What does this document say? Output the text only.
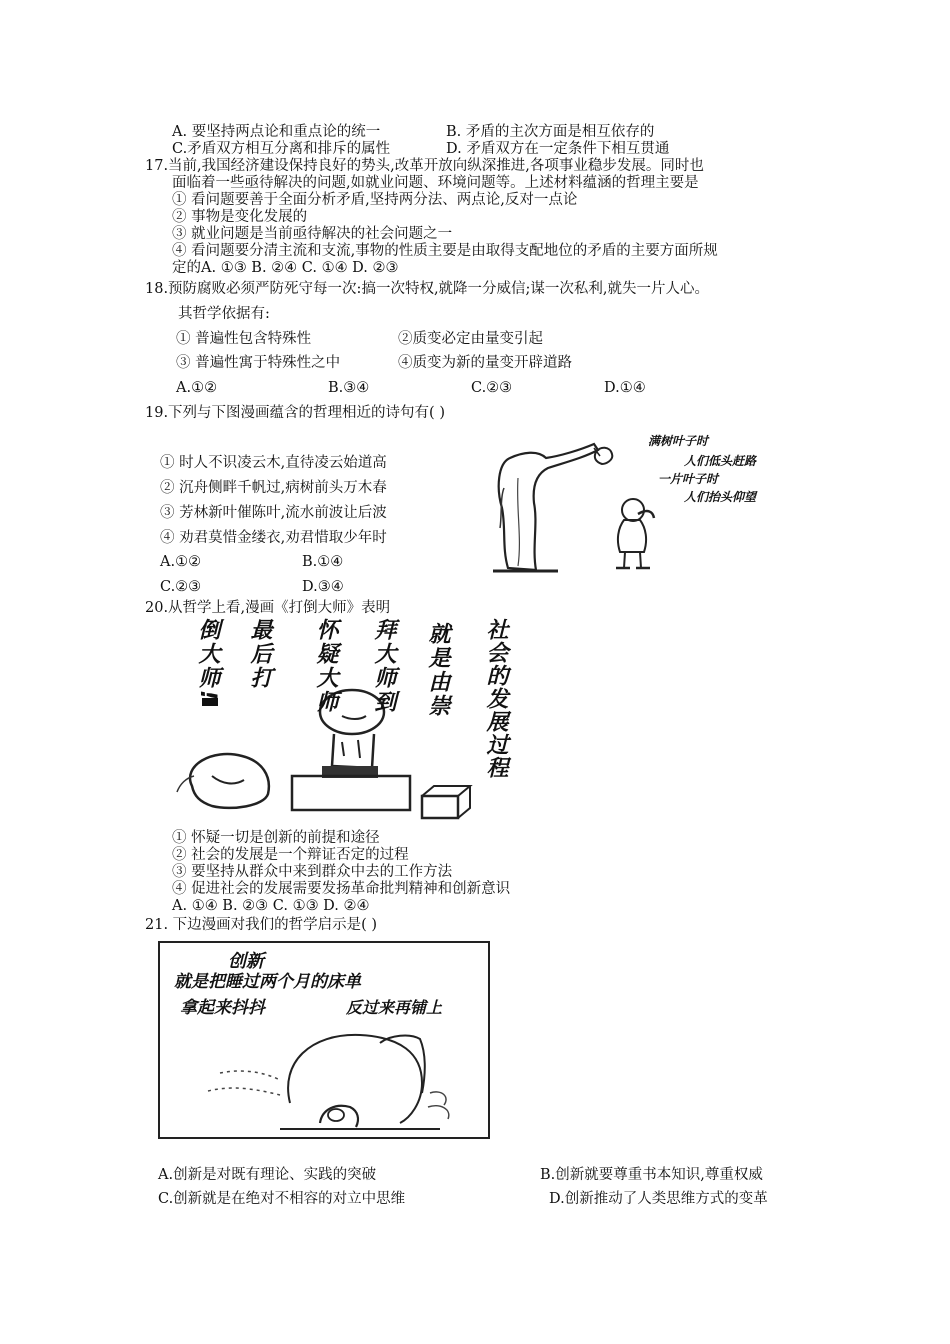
A. 要坚持两点论和重点论的统一	B. 矛盾的主次方面是相互依存的
C.矛盾双方相互分离和排斥的属性	D. 矛盾双方在一定条件下相互贯通
17.当前,我国经济建设保持良好的势头,改革开放向纵深推进,各项事业稳步发展。同时也
面临着一些亟待解决的问题,如就业问题、环境问题等。上述材料蕴涵的哲理主要是
① 看问题要善于全面分析矛盾,坚持两分法、两点论,反对一点论
② 事物是变化发展的
③ 就业问题是当前亟待解决的社会问题之一
④ 看问题要分清主流和支流,事物的性质主要是由取得支配地位的矛盾的主要方面所规
定的A. ①③ B. ②④ C. ①④ D. ②③
18.预防腐败必须严防死守每一次:搞一次特权,就降一分威信;谋一次私利,就失一片人心。
其哲学依据有:
① 普遍性包含特殊性	②质变必定由量变引起
③ 普遍性寓于特殊性之中	④质变为新的量变开辟道路
A.①②	B.③④	C.②③	D.①④
19.下列与下图漫画蕴含的哲理相近的诗句有( )
① 时人不识凌云木,直待凌云始道高
② 沉舟侧畔千帆过,病树前头万木春
③ 芳林新叶催陈叶,流水前波让后波
④ 劝君莫惜金缕衣,劝君惜取少年时
A.①②	B.①④
C.②③	D.③④
满树叶子时
人们低头赶路
一片叶子时
人们抬头仰望
20.从哲学上看,漫画《打倒大师》表明
倒大师! 最后打 怀疑大师 拜大师到 就是由崇 社会的发展过程
① 怀疑一切是创新的前提和途径
② 社会的发展是一个辩证否定的过程
③ 要坚持从群众中来到群众中去的工作方法
④ 促进社会的发展需要发扬革命批判精神和创新意识
A. ①④ B. ②③ C. ①③ D. ②④
21. 下边漫画对我们的哲学启示是( )
创新
就是把睡过两个月的床单
拿起来抖抖	反过来再铺上
A.创新是对既有理论、实践的突破	B.创新就要尊重书本知识,尊重权威
C.创新就是在绝对不相容的对立中思维	D.创新推动了人类思维方式的变革
